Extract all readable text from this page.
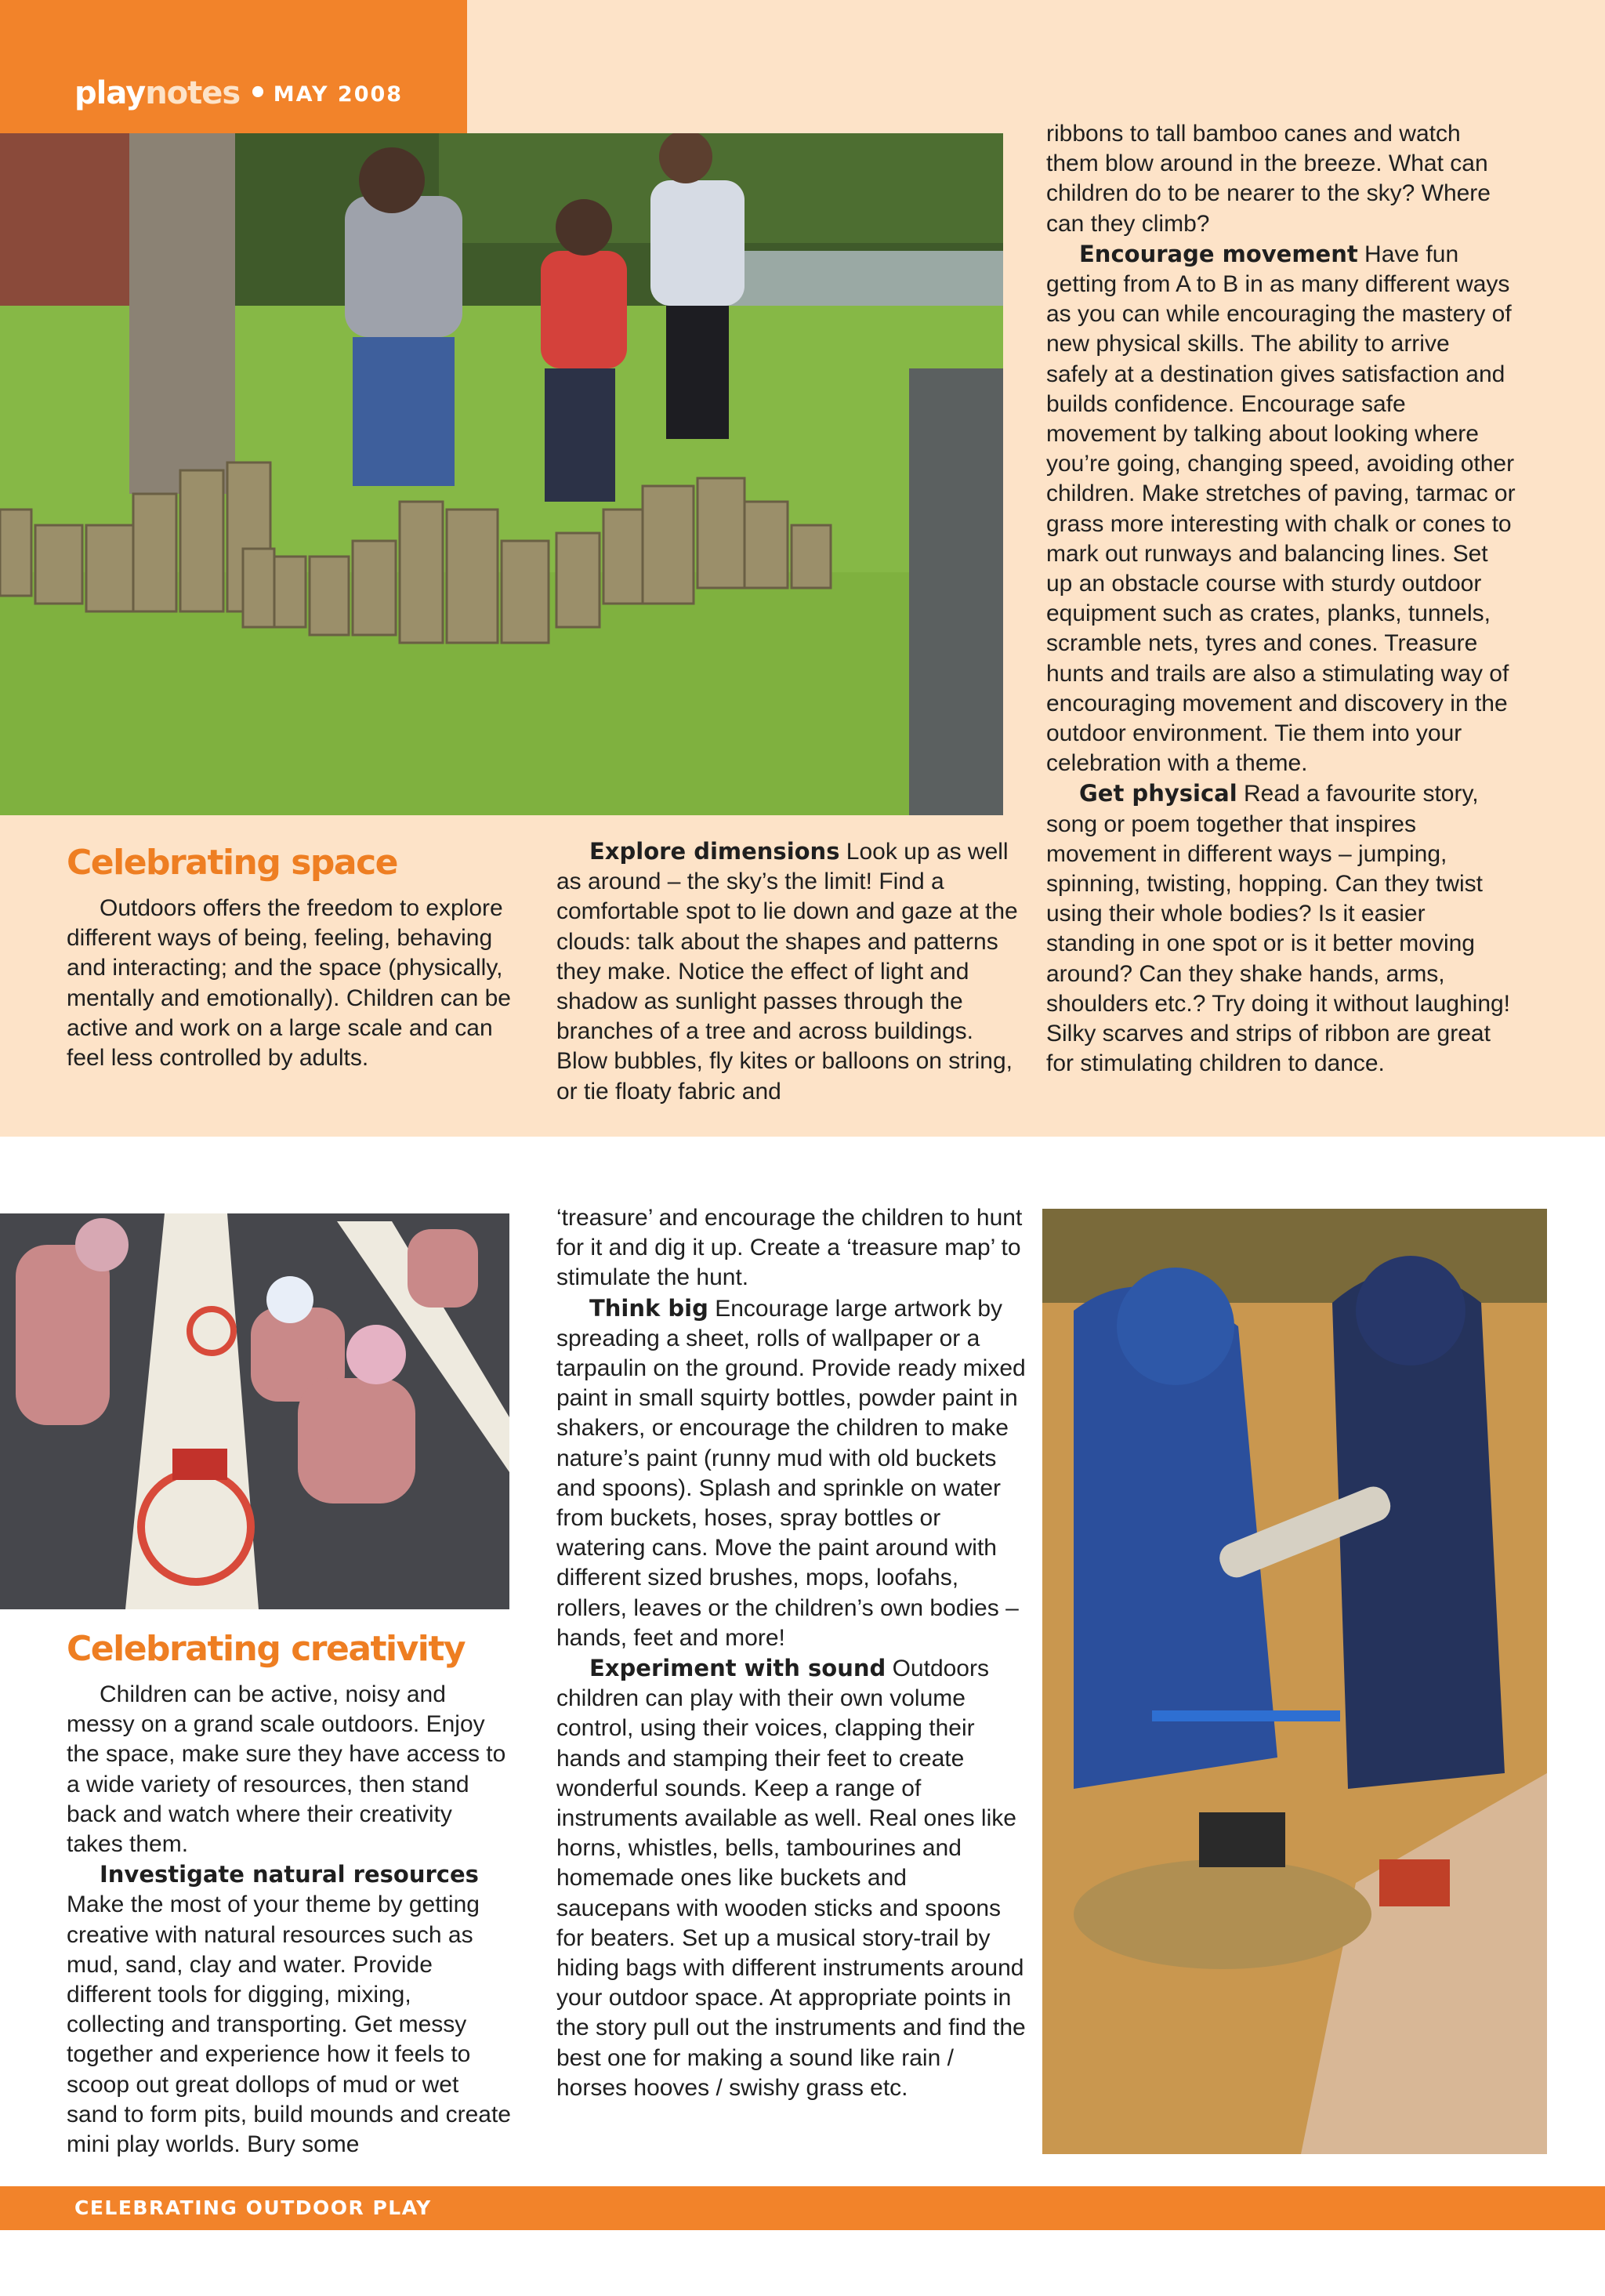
playnotes • MAY 2008
Celebrating space

Outdoors offers the freedom to explore different ways of being, feeling, behaving and interacting; and the space (physically, mentally and emotionally). Children can be active and work on a large scale and can feel less controlled by adults.

Explore dimensions Look up as well as around – the sky’s the limit! Find a comfortable spot to lie down and gaze at the clouds: talk about the shapes and patterns they make. Notice the effect of light and shadow as sunlight passes through the branches of a tree and across buildings. Blow bubbles, fly kites or balloons on string, or tie floaty fabric and

ribbons to tall bamboo canes and watch them blow around in the breeze. What can children do to be nearer to the sky? Where can they climb?

Encourage movement Have fun getting from A to B in as many different ways as you can while encouraging the mastery of new physical skills. The ability to arrive safely at a destination gives satisfaction and builds confidence. Encourage safe movement by talking about looking where you’re going, changing speed, avoiding other children. Make stretches of paving, tarmac or grass more interesting with chalk or cones to mark out runways and balancing lines. Set up an obstacle course with sturdy outdoor equipment such as crates, planks, tunnels, scramble nets, tyres and cones. Treasure hunts and trails are also a stimulating way of encouraging movement and discovery in the outdoor environment. Tie them into your celebration with a theme.

Get physical Read a favourite story, song or poem together that inspires movement in different ways – jumping, spinning, twisting, hopping. Can they twist using their whole bodies? Is it easier standing in one spot or is it better moving around? Can they shake hands, arms, shoulders etc.? Try doing it without laughing! Silky scarves and strips of ribbon are great for stimulating children to dance.

Celebrating creativity

Children can be active, noisy and messy on a grand scale outdoors. Enjoy the space, make sure they have access to a wide variety of resources, then stand back and watch where their creativity takes them.

Investigate natural resources

Make the most of your theme by getting creative with natural resources such as mud, sand, clay and water. Provide different tools for digging, mixing, collecting and transporting. Get messy together and experience how it feels to scoop out great dollops of mud or wet sand to form pits, build mounds and create mini play worlds. Bury some

‘treasure’ and encourage the children to hunt for it and dig it up. Create a ‘treasure map’ to stimulate the hunt.

Think big Encourage large artwork by spreading a sheet, rolls of wallpaper or a tarpaulin on the ground. Provide ready mixed paint in small squirty bottles, powder paint in shakers, or encourage the children to make nature’s paint (runny mud with old buckets and spoons). Splash and sprinkle on water from buckets, hoses, spray bottles or watering cans. Move the paint around with different sized brushes, mops, loofahs, rollers, leaves or the children’s own bodies – hands, feet and more!

Experiment with sound Outdoors children can play with their own volume control, using their voices, clapping their hands and stamping their feet to create wonderful sounds. Keep a range of instruments available as well. Real ones like horns, whistles, bells, tambourines and homemade ones like buckets and saucepans with wooden sticks and spoons for beaters. Set up a musical story-trail by hiding bags with different instruments around your outdoor space. At appropriate points in the story pull out the instruments and find the best one for making a sound like rain / horses hooves / swishy grass etc.

CELEBRATING OUTDOOR PLAY
